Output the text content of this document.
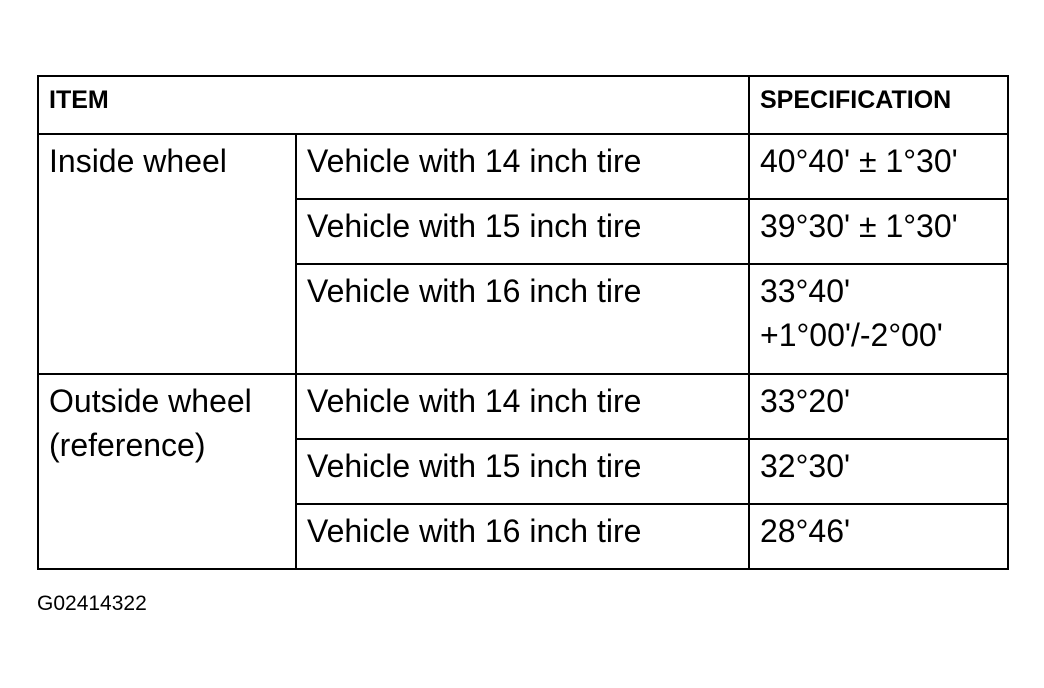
ITEM		SPECIFICATION
Inside wheel	Vehicle with 14 inch tire	40°40' ± 1°30'
	Vehicle with 15 inch tire	39°30' ± 1°30'
	Vehicle with 16 inch tire	33°40' +1°00'/-2°00'
Outside wheel (reference)	Vehicle with 14 inch tire	33°20'
	Vehicle with 15 inch tire	32°30'
	Vehicle with 16 inch tire	28°46'
G02414322
